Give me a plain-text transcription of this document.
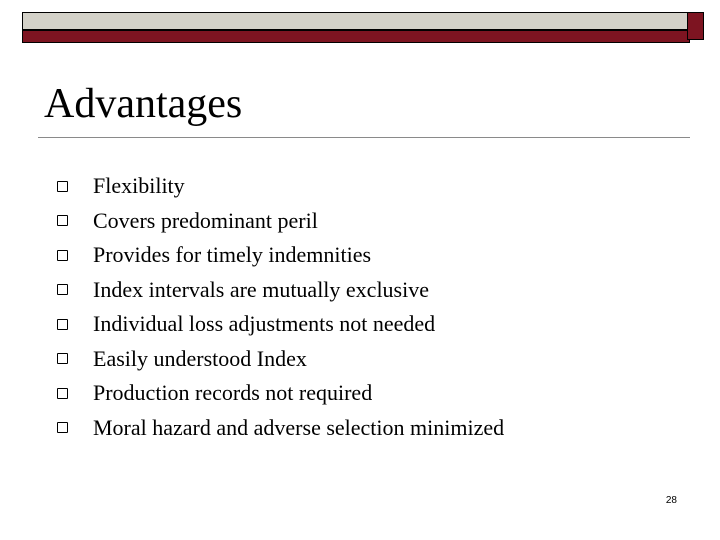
Advantages
Flexibility
Covers predominant peril
Provides for timely indemnities
Index intervals are mutually exclusive
Individual loss adjustments not needed
Easily understood Index
Production records not required
Moral hazard and adverse selection minimized
28
